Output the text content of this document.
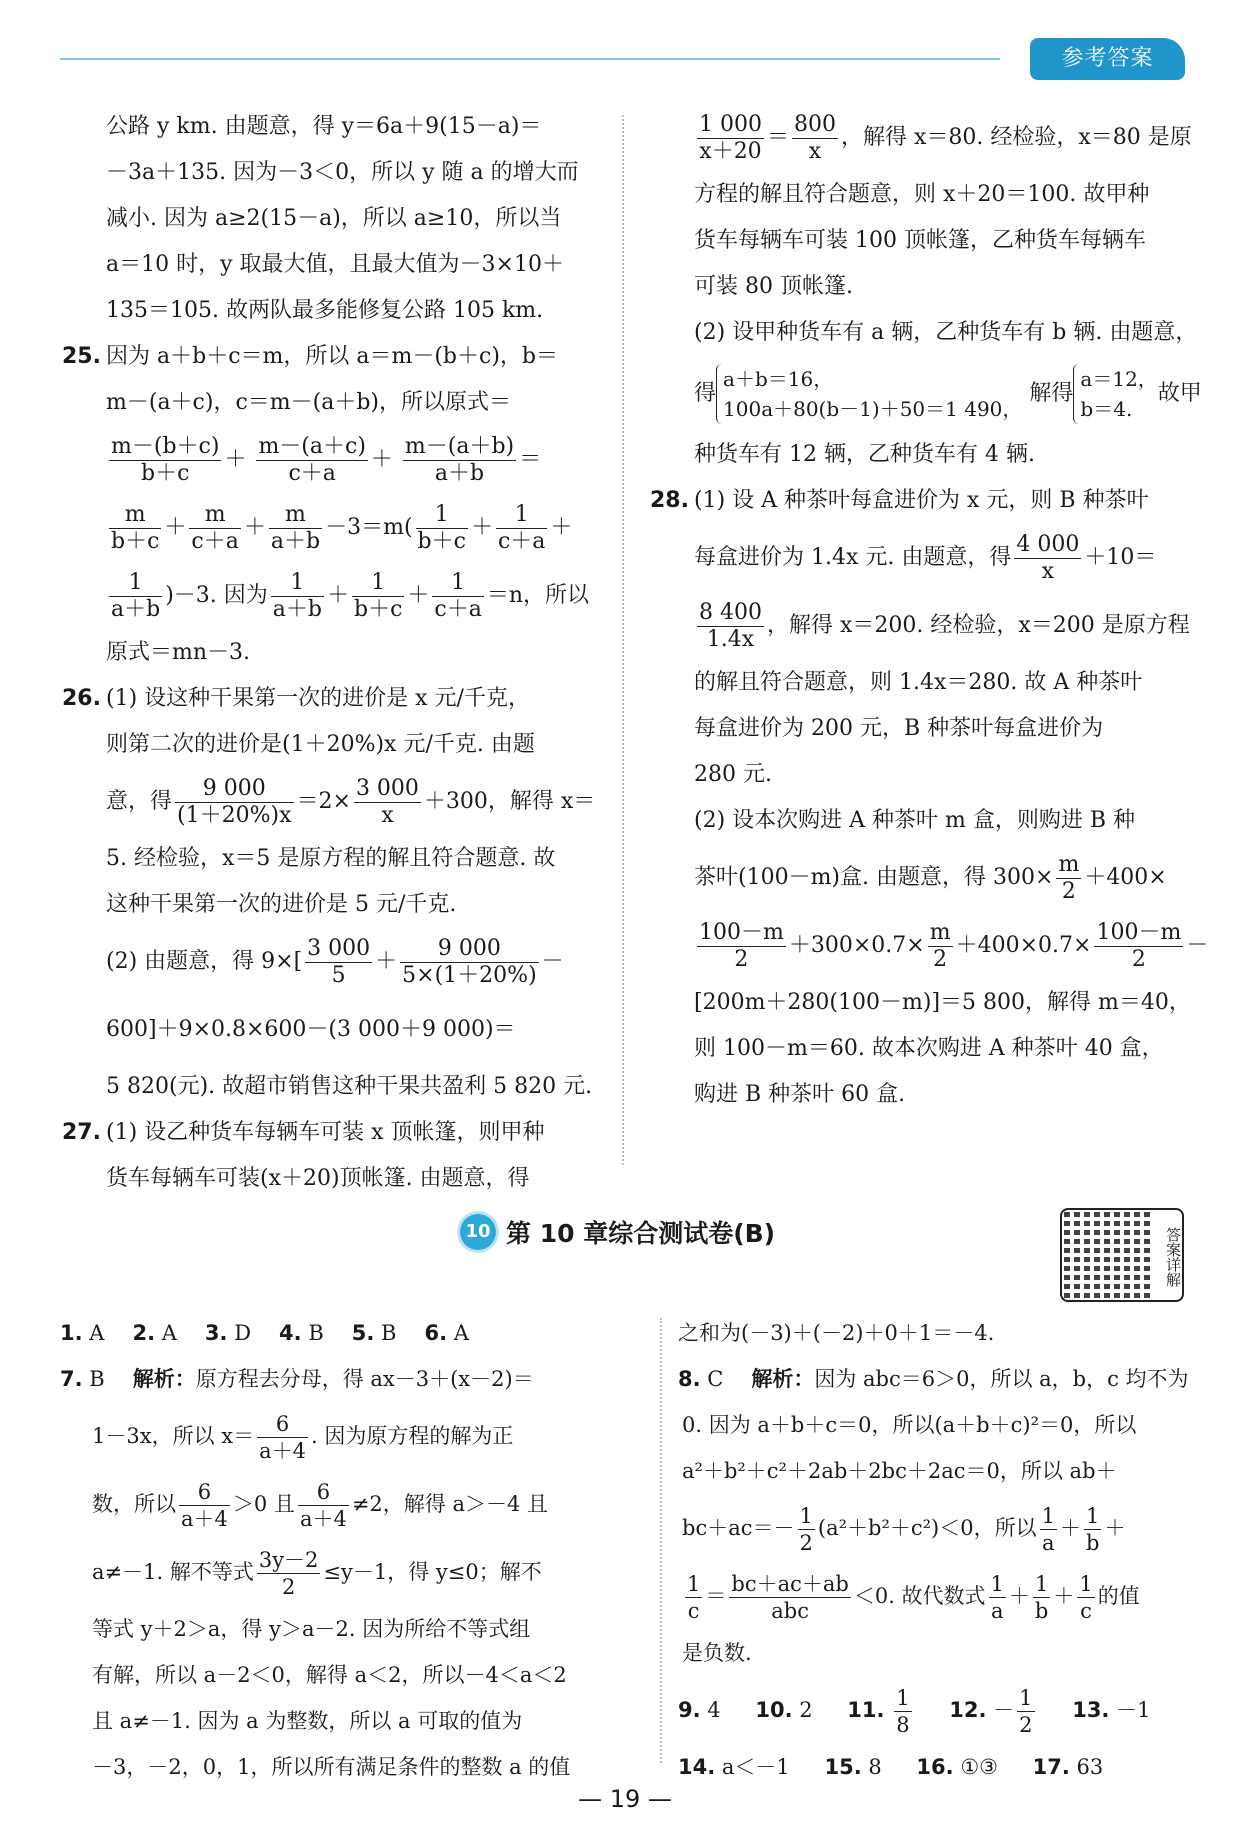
参考答案

公路 y km. 由题意，得 y＝6a＋9(15－a)＝

－3a＋135. 因为－3＜0，所以 y 随 a 的增大而

减小. 因为 a≥2(15－a)，所以 a≥10，所以当

a＝10 时，y 取最大值，且最大值为－3×10＋

135＝105. 故两队最多能修复公路 105 km.

25. 因为 a＋b＋c＝m，所以 a＝m－(b＋c)，b＝

m－(a＋c)，c＝m－(a＋b)，所以原式＝

$\frac{m-(b+c)}{b+c} + \frac{m-(a+c)}{c+a} + \frac{m-(a+b)}{a+b}$ ＝

$\frac{m}{b+c} + \frac{m}{c+a} + \frac{m}{a+b} -3=m( \frac{1}{b+c} + \frac{1}{c+a}$ ＋

$\frac{1}{a+b} )-3$. 因为 $\frac{1}{a+b} + \frac{1}{b+c} + \frac{1}{c+a} =n$，所以

原式＝mn－3.

26. (1) 设这种干果第一次的进价是 x 元/千克，

则第二次的进价是(1＋20%)x 元/千克. 由题

意，得 $\frac{9 000}{(1+20\%)x} =2\times \frac{3 000}{x} +300$，解得 x＝

5. 经检验，x＝5 是原方程的解且符合题意. 故

这种干果第一次的进价是 5 元/千克.

(2) 由题意，得 $9\times[ \frac{3 000}{5} + \frac{9 000}{5\times(1+20\%)}$ －

600]＋9×0.8×600－(3 000＋9 000)＝

5 820(元). 故超市销售这种干果共盈利 5 820 元.

27. (1) 设乙种货车每辆车可装 x 顶帐篷，则甲种

货车每辆车可装(x＋20)顶帐篷. 由题意，得

$\frac{1 000}{x+20} = \frac{800}{x}$ ，解得 x＝80. 经检验，x＝80 是原

方程的解且符合题意，则 x＋20＝100. 故甲种

货车每辆车可装 100 顶帐篷，乙种货车每辆车

可装 80 顶帐篷.

(2) 设甲种货车有 a 辆，乙种货车有 b 辆. 由题意，

得
a＋b＝16，
100a＋80(b－1)＋50＝1 490，
解得
a＝12，
b＝4.
故甲

种货车有 12 辆，乙种货车有 4 辆.

28. (1) 设 A 种茶叶每盒进价为 x 元，则 B 种茶叶

每盒进价为 1.4x 元. 由题意，得 $\frac{4 000}{x} +10=$

$\frac{8 400}{1.4x}$ ，解得 x＝200. 经检验，x＝200 是原方程

的解且符合题意，则 1.4x＝280. 故 A 种茶叶

每盒进价为 200 元，B 种茶叶每盒进价为

280 元.

(2) 设本次购进 A 种茶叶 m 盒，则购进 B 种

茶叶(100－m)盒. 由题意，得 $300\times \frac{m}{2} +400\times$

$\frac{100-m}{2} +300\times 0.7\times \frac{m}{2} +400\times 0.7\times \frac{100-m}{2}$ －

[200m＋280(100－m)]＝5 800，解得 m＝40，

则 100－m＝60. 故本次购进 A 种茶叶 40 盒，

购进 B 种茶叶 60 盒.

10 第 10 章综合测试卷(B)	答案详解

1. A 2. A 3. D 4. B 5. B 6. A

7. B 解析：原方程去分母，得 ax－3＋(x－2)＝

1－3x，所以 $x= \frac{6}{a+4}$ . 因为原方程的解为正

数，所以 $\frac{6}{a+4} >0$ 且 $\frac{6}{a+4} \ne 2$，解得 a＞－4 且

a≠－1. 解不等式 $\frac{3y-2}{2} \le y-1$，得 y≤0；解不

等式 y＋2＞a，得 y＞a－2. 因为所给不等式组

有解，所以 a－2＜0，解得 a＜2，所以－4＜a＜2

且 a≠－1. 因为 a 为整数，所以 a 可取的值为

－3，－2，0，1，所以所有满足条件的整数 a 的值

之和为(－3)＋(－2)＋0＋1＝－4.

8. C 解析：因为 abc＝6＞0，所以 a，b，c 均不为

0. 因为 a＋b＋c＝0，所以(a＋b＋c)²＝0，所以

a²＋b²＋c²＋2ab＋2bc＋2ac＝0，所以 ab＋

$bc+ac=- \frac{1}{2} (a^2+b^2+c^2)<0$，所以 $\frac{1}{a} + \frac{1}{b}$ ＋

$\frac{1}{c} = \frac{bc+ac+ab}{\text{abc}} <0$. 故代数式 $\frac{1}{a} + \frac{1}{b} + \frac{1}{c}$ 的值

是负数.

9. 4 10. 2 11. $\frac{1}{8} 12$. － $\frac{1}{2} 13$. －1

14. a＜－1 15. 8 16. ①③ 17. 63

— 19 —
